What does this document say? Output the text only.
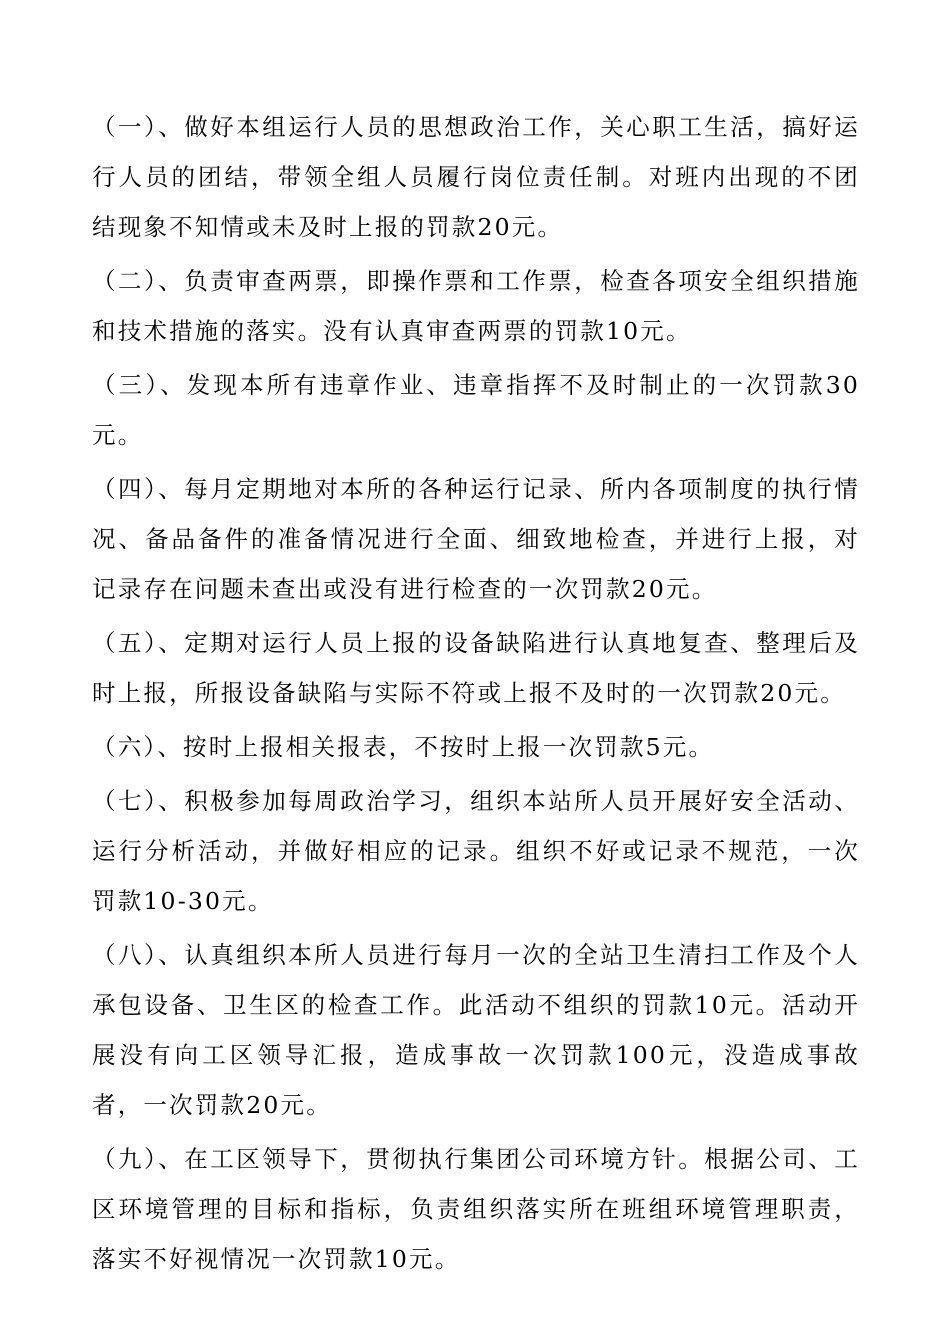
（一）、做好本组运行人员的思想政治工作，关心职工生活，搞好运行人员的团结，带领全组人员履行岗位责任制。对班内出现的不团结现象不知情或未及时上报的罚款20元。

（二）、负责审查两票，即操作票和工作票，检查各项安全组织措施和技术措施的落实。没有认真审查两票的罚款10元。

（三）、发现本所有违章作业、违章指挥不及时制止的一次罚款30元。

（四）、每月定期地对本所的各种运行记录、所内各项制度的执行情况、备品备件的准备情况进行全面、细致地检查，并进行上报，对记录存在问题未查出或没有进行检查的一次罚款20元。

（五）、定期对运行人员上报的设备缺陷进行认真地复查、整理后及时上报，所报设备缺陷与实际不符或上报不及时的一次罚款20元。

（六）、按时上报相关报表，不按时上报一次罚款5元。

（七）、积极参加每周政治学习，组织本站所人员开展好安全活动、运行分析活动，并做好相应的记录。组织不好或记录不规范，一次罚款10-30元。

（八）、认真组织本所人员进行每月一次的全站卫生清扫工作及个人承包设备、卫生区的检查工作。此活动不组织的罚款10元。活动开展没有向工区领导汇报，造成事故一次罚款100元，没造成事故者，一次罚款20元。

（九）、在工区领导下，贯彻执行集团公司环境方针。根据公司、工区环境管理的目标和指标，负责组织落实所在班组环境管理职责，落实不好视情况一次罚款10元。
